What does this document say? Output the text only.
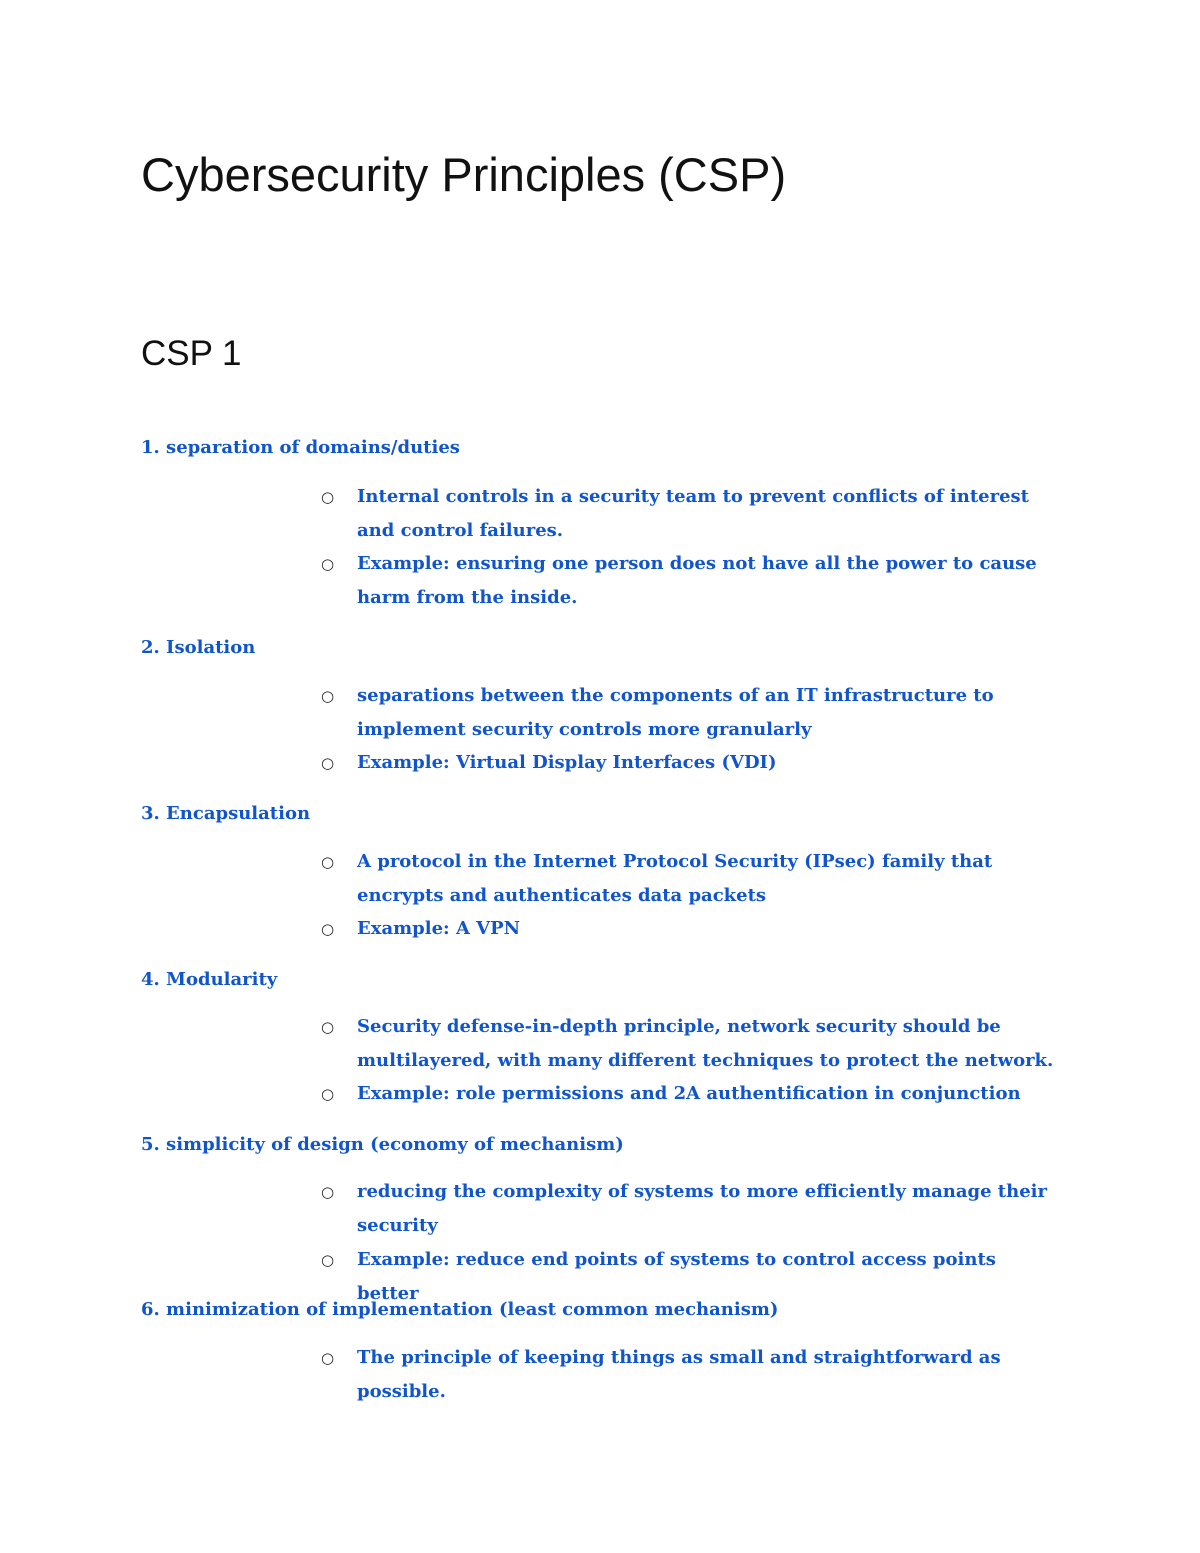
Cybersecurity Principles (CSP)
CSP 1
1. separation of domains/duties
○ Internal controls in a security team to prevent conflicts of interest and control failures.
○ Example: ensuring one person does not have all the power to cause harm from the inside.
2. Isolation
○ separations between the components of an IT infrastructure to implement security controls more granularly
○ Example: Virtual Display Interfaces (VDI)
3. Encapsulation
○ A protocol in the Internet Protocol Security (IPsec) family that encrypts and authenticates data packets
○ Example: A VPN
4. Modularity
○ Security defense-in-depth principle, network security should be multilayered, with many different techniques to protect the network.
○ Example: role permissions and 2A authentification in conjunction
5. simplicity of design (economy of mechanism)
○ reducing the complexity of systems to more efficiently manage their security
○ Example: reduce end points of systems to control access points better
6. minimization of implementation (least common mechanism)
○ The principle of keeping things as small and straightforward as possible.
